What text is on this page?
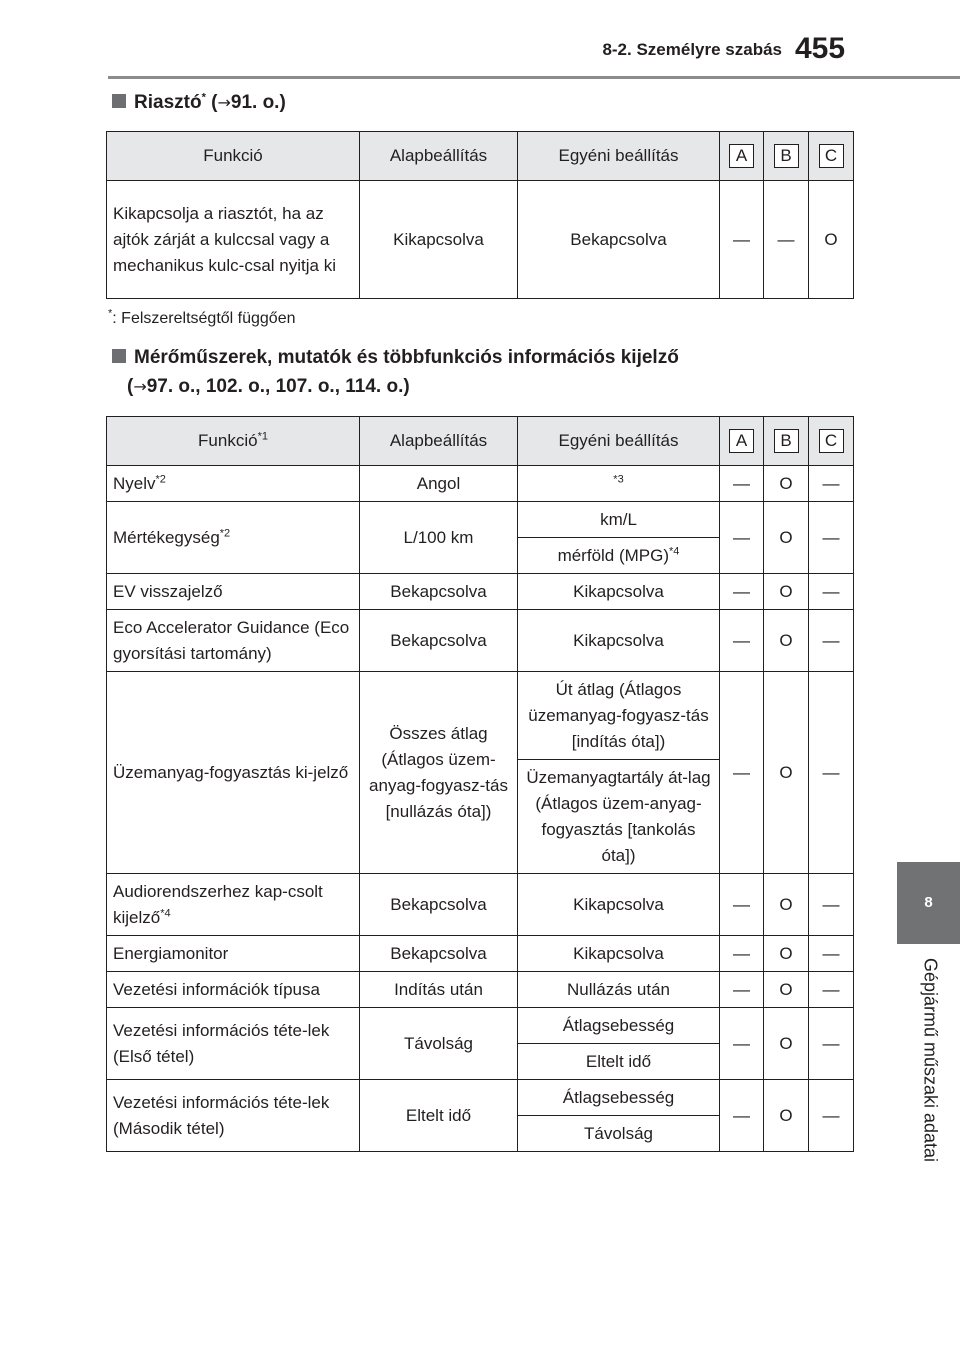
8-2. Személyre szabás 455
8
Gépjármű műszaki adatai
Riasztó* (→91. o.)
Funkció	Alapbeállítás	Egyéni beállítás	A	B	C
Kikapcsolja a riasztót, ha az ajtók zárját a kulccsal vagy a mechanikus kulc-csal nyitja ki	Kikapcsolva	Bekapcsolva	—	—	O
*: Felszereltségtől függően
Mérőműszerek, mutatók és többfunkciós információs kijelző
(→97. o., 102. o., 107. o., 114. o.)
Funkció$^{*1}$	Alapbeállítás	Egyéni beállítás	A	B	C
Nyelv$^{*2}$	Angol	$^{*3}$	—	O	—
Mértékegység$^{*2}$	L/100 km	km/L	—	O	—
		mérföld (MPG)$^{*4}$
EV visszajelző	Bekapcsolva	Kikapcsolva	—	O	—
Eco Accelerator Guidance (Eco gyorsítási tartomány)	Bekapcsolva	Kikapcsolva	—	O	—
Üzemanyag-fogyasztás ki-jelző	Összes átlag (Átlagos üzem-anyag-fogyasz-tás [nullázás óta])	Út átlag (Átlagos üzemanyag-fogyasz-tás [indítás óta])	—	O	—
		Üzemanyagtartály át-lag (Átlagos üzem-anyag-fogyasztás [tankolás óta])			
Audiorendszerhez kap-csolt kijelző$^{*4}$	Bekapcsolva	Kikapcsolva	—	O	—
Energiamonitor	Bekapcsolva	Kikapcsolva	—	O	—
Vezetési információk típusa	Indítás után	Nullázás után	—	O	—
Vezetési információs téte-lek (Első tétel)	Távolság	Átlagsebesség	—	O	—
		Eltelt idő			
Vezetési információs téte-lek (Második tétel)	Eltelt idő	Átlagsebesség	—	O	—
		Távolság			
